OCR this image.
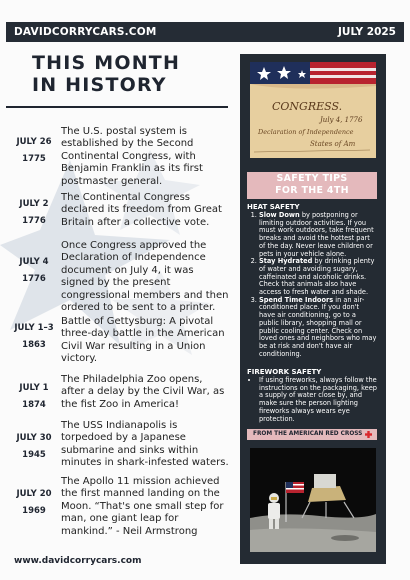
DAVIDCORRYCARS.COM	JULY 2025
THIS MONTH
IN HISTORY
JULY 26
1775
The U.S. postal system is established by the Second Continental Congress, with Benjamin Franklin as its first postmaster general.
JULY 2
1776
The Continental Congress declared its freedom from Great Britain after a collective vote.
JULY 4
1776
Once Congress approved the Declaration of Independence document on July 4, it was signed by the present congressional members and then ordered to be sent to a printer.
JULY 1–3
1863
Battle of Gettysburg: A pivotal three-day battle in the American Civil War resulting in a Union victory.
JULY 1
1874
The Philadelphia Zoo opens, after a delay by the Civil War, as the fist Zoo in America!
JULY 30
1945
The USS Indianapolis is torpedoed by a Japanese submarine and sinks within minutes in shark-infested waters.
JULY 20
1969
The Apollo 11 mission achieved the first manned landing on the Moon. “That's one small step for man, one giant leap for mankind.” - Neil Armstrong
www.davidcorrycars.com
CONGRESS.
July 4, 1776
Declaration of Independence
States of Am
SAFETY TIPS
FOR THE 4TH
HEAT SAFETY
1. Slow Down by postponing or limiting outdoor activities. If you must work outdoors, take frequent breaks and avoid the hottest part of the day. Never leave children or pets in your vehicle alone.
2. Stay Hydrated by drinking plenty of water and avoiding sugary, caffeinated and alcoholic drinks. Check that animals also have access to fresh water and shade.
3. Spend Time Indoors in an air-conditioned place. If you don't have air conditioning, go to a public library, shopping mall or public cooling center. Check on loved ones and neighbors who may be at risk and don't have air conditioning.
FIREWORK SAFETY
• If using fireworks, always follow the instructions on the packaging, keep a supply of water close by, and make sure the person lighting fireworks always wears eye protection.
FROM THE AMERICAN RED CROSS
